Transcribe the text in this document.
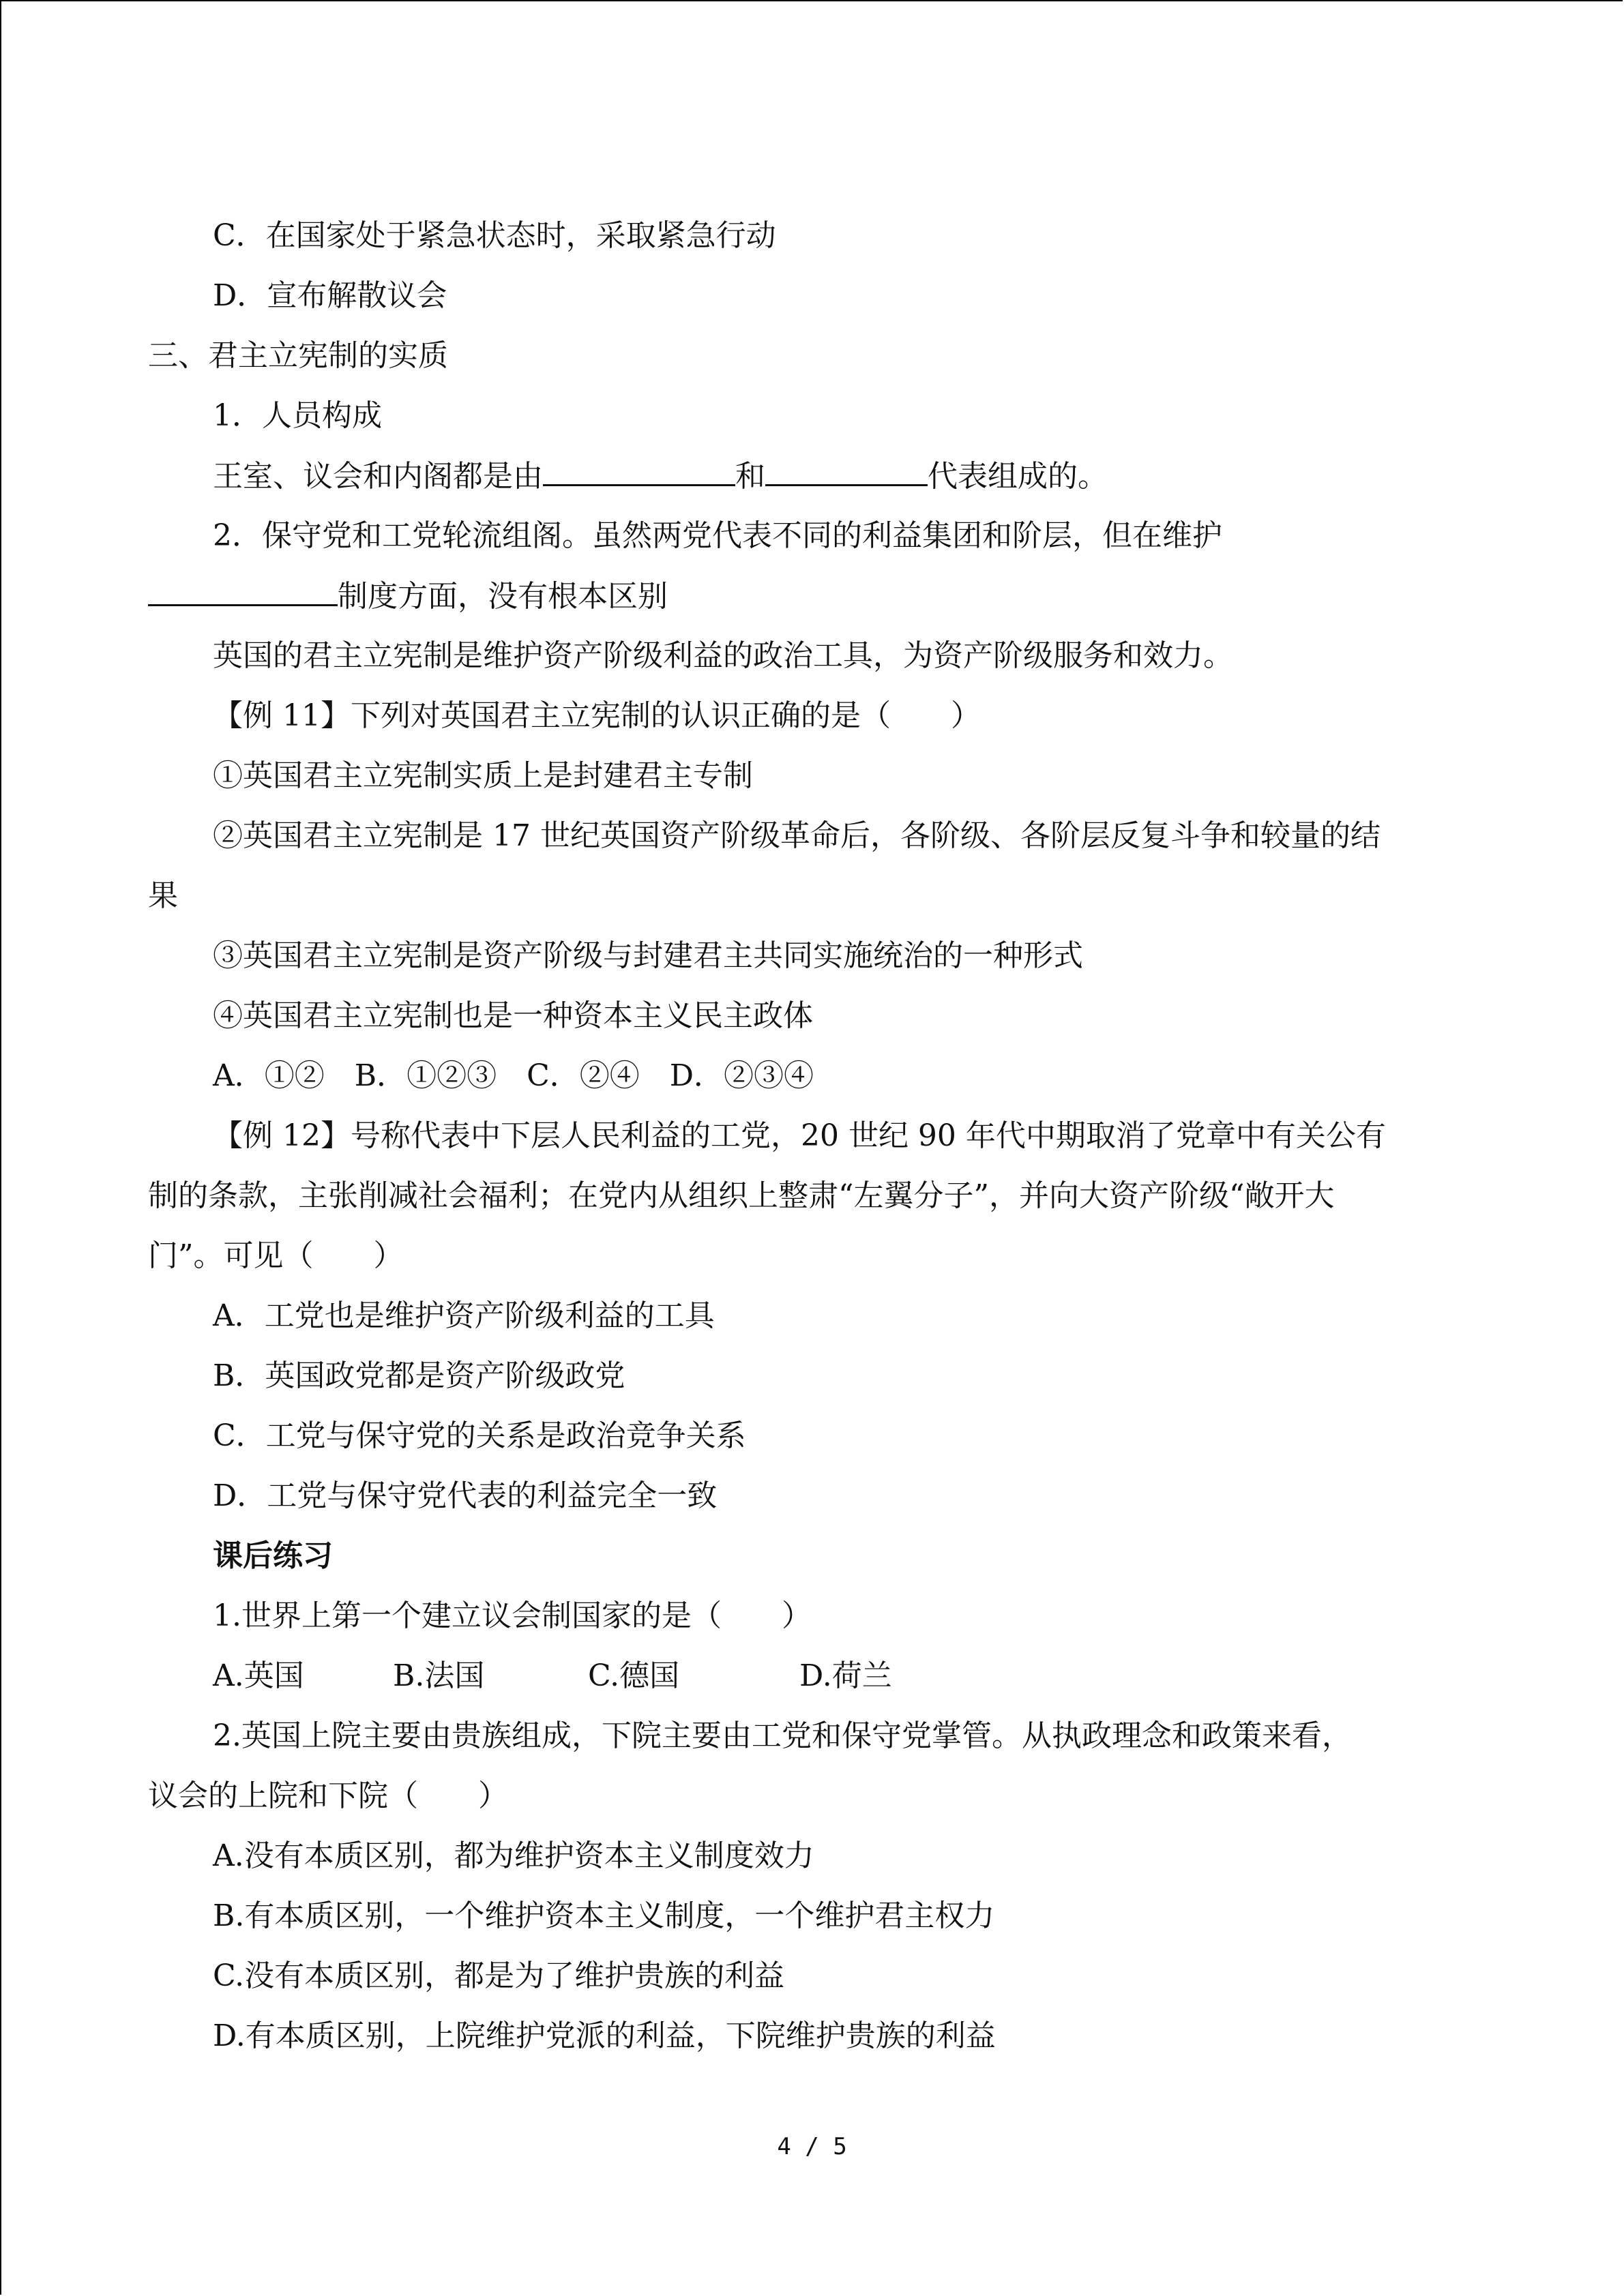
C．在国家处于紧急状态时，采取紧急行动
D．宣布解散议会
三、君主立宪制的实质
1．人员构成
王室、议会和内阁都是由	和	代表组成的。
2．保守党和工党轮流组阁。虽然两党代表不同的利益集团和阶层，但在维护
制度方面，没有根本区别
英国的君主立宪制是维护资产阶级利益的政治工具，为资产阶级服务和效力。
【例 11】下列对英国君主立宪制的认识正确的是（　　）
①英国君主立宪制实质上是封建君主专制
②英国君主立宪制是 17 世纪英国资产阶级革命后，各阶级、各阶层反复斗争和较量的结
果
③英国君主立宪制是资产阶级与封建君主共同实施统治的一种形式
④英国君主立宪制也是一种资本主义民主政体
A．①②　B．①②③　C．②④　D．②③④
【例 12】号称代表中下层人民利益的工党，20 世纪 90 年代中期取消了党章中有关公有
制的条款，主张削减社会福利；在党内从组织上整肃“左翼分子”，并向大资产阶级“敞开大
门”。可见（　　）
A．工党也是维护资产阶级利益的工具
B．英国政党都是资产阶级政党
C．工党与保守党的关系是政治竞争关系
D．工党与保守党代表的利益完全一致
课后练习
1.世界上第一个建立议会制国家的是（　　）
A.英国	B.法国	C.德国	D.荷兰
2.英国上院主要由贵族组成，下院主要由工党和保守党掌管。从执政理念和政策来看，
议会的上院和下院（　　）
A.没有本质区别，都为维护资本主义制度效力
B.有本质区别，一个维护资本主义制度，一个维护君主权力
C.没有本质区别，都是为了维护贵族的利益
D.有本质区别，上院维护党派的利益，下院维护贵族的利益
4 / 5
